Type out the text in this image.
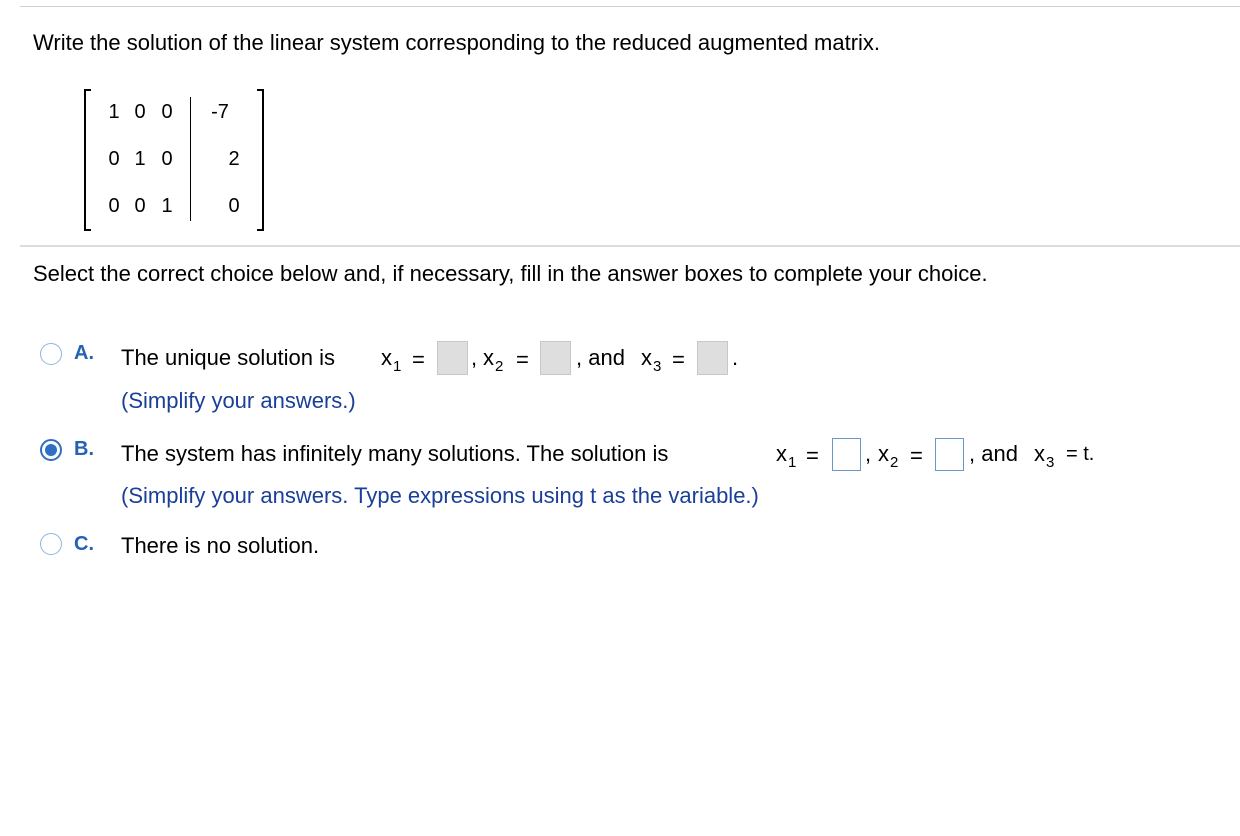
Write the solution of the linear system corresponding to the reduced augmented matrix.
1 0 0	-7
0 1 0	2
0 0 1	0
Select the correct choice below and, if necessary, fill in the answer boxes to complete your choice.
A. The unique solution is $x_1$ = , $x_2$ = , and $x_3$ = .
(Simplify your answers.)
B. The system has infinitely many solutions. The solution is	$x_1$ = , $x_2$ = , and $x_3 = t$.
(Simplify your answers. Type expressions using t as the variable.)
C. There is no solution.
